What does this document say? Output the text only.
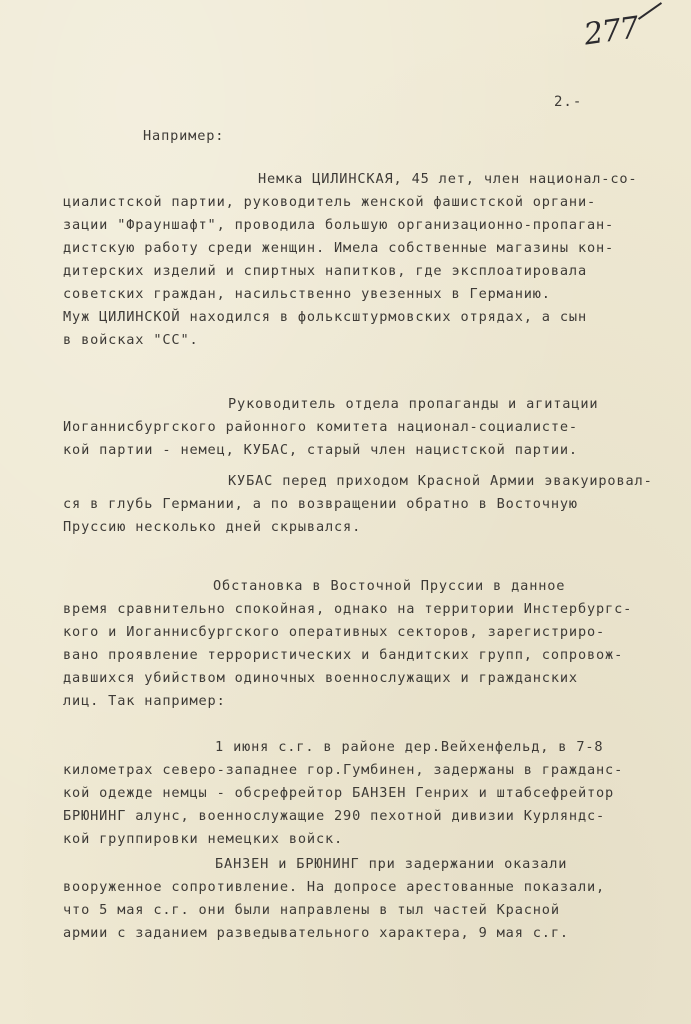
277
2.-
Например:
Немка ЦИЛИНСКАЯ, 45 лет, член национал-со-
циалистской партии, руководитель женской фашистской органи-
зации "Фрауншафт", проводила большую организационно-пропаган-
дистскую работу среди женщин. Имела собственные магазины кон-
дитерских изделий и спиртных напитков, где эксплоатировала
советских граждан, насильственно увезенных в Германию.
Муж ЦИЛИНСКОЙ находился в фольксштурмовских отрядах, а сын
в войсках "СС".
Руководитель отдела пропаганды и агитации
Иоганнисбургского районного комитета национал-социалисте-
кой партии - немец, КУБАС, старый член нацистской партии.
КУБАС перед приходом Красной Армии эвакуировал-
ся в глубь Германии, а по возвращении обратно в Восточную
Пруссию несколько дней скрывался.
Обстановка в Восточной Пруссии в данное
время сравнительно спокойная, однако на территории Инстербургс-
кого и Иоганнисбургского оперативных секторов, зарегистриро-
вано проявление террористических и бандитских групп, сопровож-
давшихся убийством одиночных военнослужащих и гражданских
лиц. Так например:
1 июня с.г. в районе дер.Вейхенфельд, в 7-8
километрах северо-западнее гор.Гумбинен, задержаны в гражданс-
кой одежде немцы - обсрефрейтор БАНЗЕН Генрих и штабсефрейтор
БРЮНИНГ алунс, военнослужащие 290 пехотной дивизии Курляндс-
кой группировки немецких войск.
БАНЗЕН и БРЮНИНГ при задержании оказали
вооруженное сопротивление. На допросе арестованные показали,
что 5 мая с.г. они были направлены в тыл частей Красной
армии с заданием разведывательного характера, 9 мая с.г.
